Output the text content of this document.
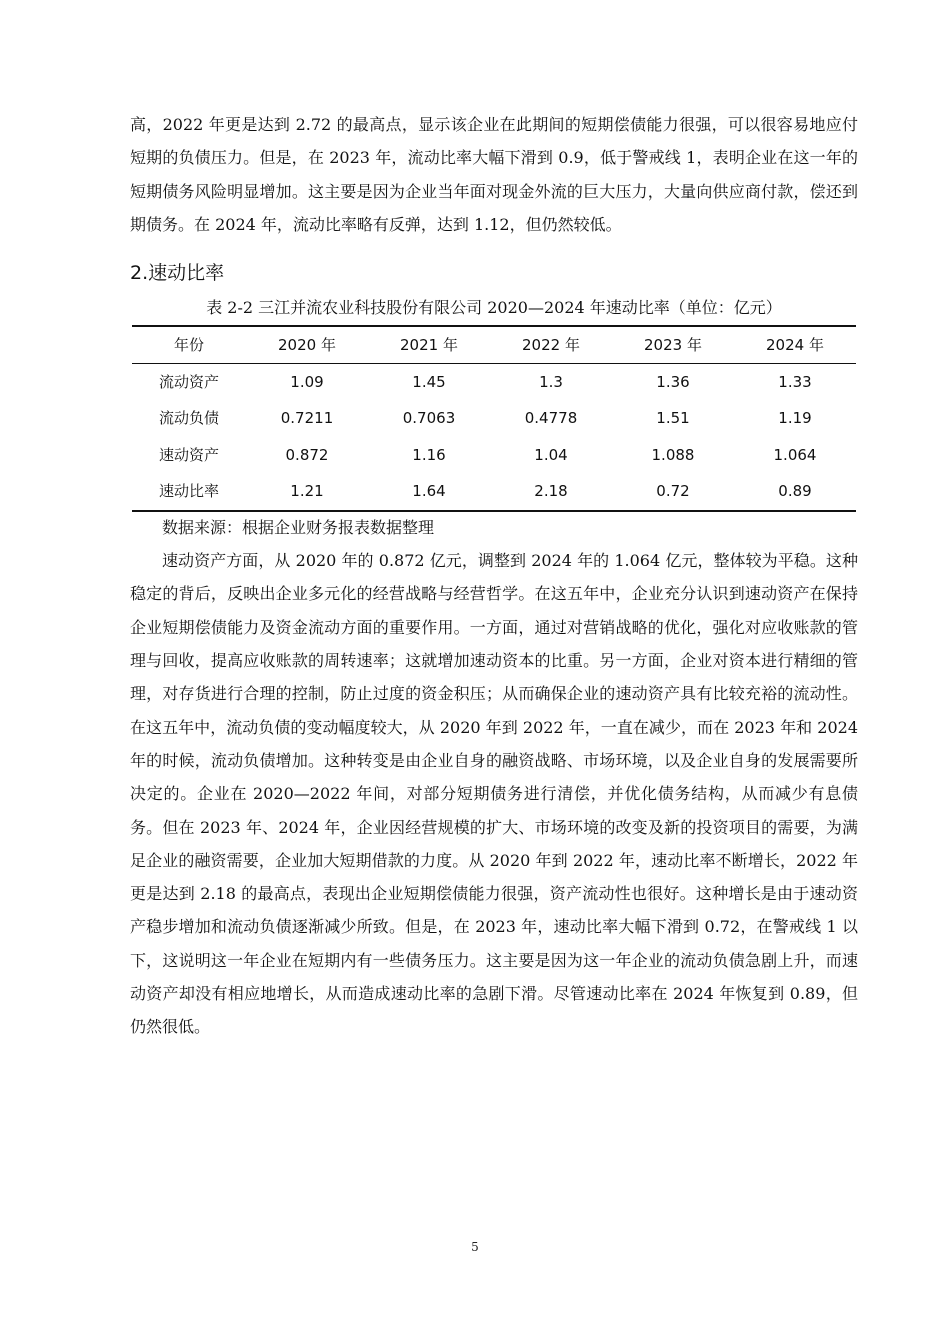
高，2022 年更是达到 2.72 的最高点，显示该企业在此期间的短期偿债能力很强，可以很容易地应付短期的负债压力。但是，在 2023 年，流动比率大幅下滑到 0.9，低于警戒线 1，表明企业在这一年的短期债务风险明显增加。这主要是因为企业当年面对现金外流的巨大压力，大量向供应商付款，偿还到期债务。在 2024 年，流动比率略有反弹，达到 1.12，但仍然较低。

2.速动比率

表 2-2 三江并流农业科技股份有限公司 2020—2024 年速动比率（单位：亿元）

年份	2020 年	2021 年	2022 年	2023 年	2024 年
流动资产	1.09	1.45	1.3	1.36	1.33
流动负债	0.7211	0.7063	0.4778	1.51	1.19
速动资产	0.872	1.16	1.04	1.088	1.064
速动比率	1.21	1.64	2.18	0.72	0.89

数据来源：根据企业财务报表数据整理

速动资产方面，从 2020 年的 0.872 亿元，调整到 2024 年的 1.064 亿元，整体较为平稳。这种稳定的背后，反映出企业多元化的经营战略与经营哲学。在这五年中，企业充分认识到速动资产在保持企业短期偿债能力及资金流动方面的重要作用。一方面，通过对营销战略的优化，强化对应收账款的管理与回收，提高应收账款的周转速率；这就增加速动资本的比重。另一方面，企业对资本进行精细的管理，对存货进行合理的控制，防止过度的资金积压；从而确保企业的速动资产具有比较充裕的流动性。在这五年中，流动负债的变动幅度较大，从 2020 年到 2022 年，一直在减少，而在 2023 年和 2024 年的时候，流动负债增加。这种转变是由企业自身的融资战略、市场环境，以及企业自身的发展需要所决定的。企业在 2020—2022 年间，对部分短期债务进行清偿，并优化债务结构，从而减少有息债务。但在 2023 年、2024 年，企业因经营规模的扩大、市场环境的改变及新的投资项目的需要，为满足企业的融资需要，企业加大短期借款的力度。从 2020 年到 2022 年，速动比率不断增长，2022 年更是达到 2.18 的最高点，表现出企业短期偿债能力很强，资产流动性也很好。这种增长是由于速动资产稳步增加和流动负债逐渐减少所致。但是，在 2023 年，速动比率大幅下滑到 0.72，在警戒线 1 以下，这说明这一年企业在短期内有一些债务压力。这主要是因为这一年企业的流动负债急剧上升，而速动资产却没有相应地增长，从而造成速动比率的急剧下滑。尽管速动比率在 2024 年恢复到 0.89，但仍然很低。

5
